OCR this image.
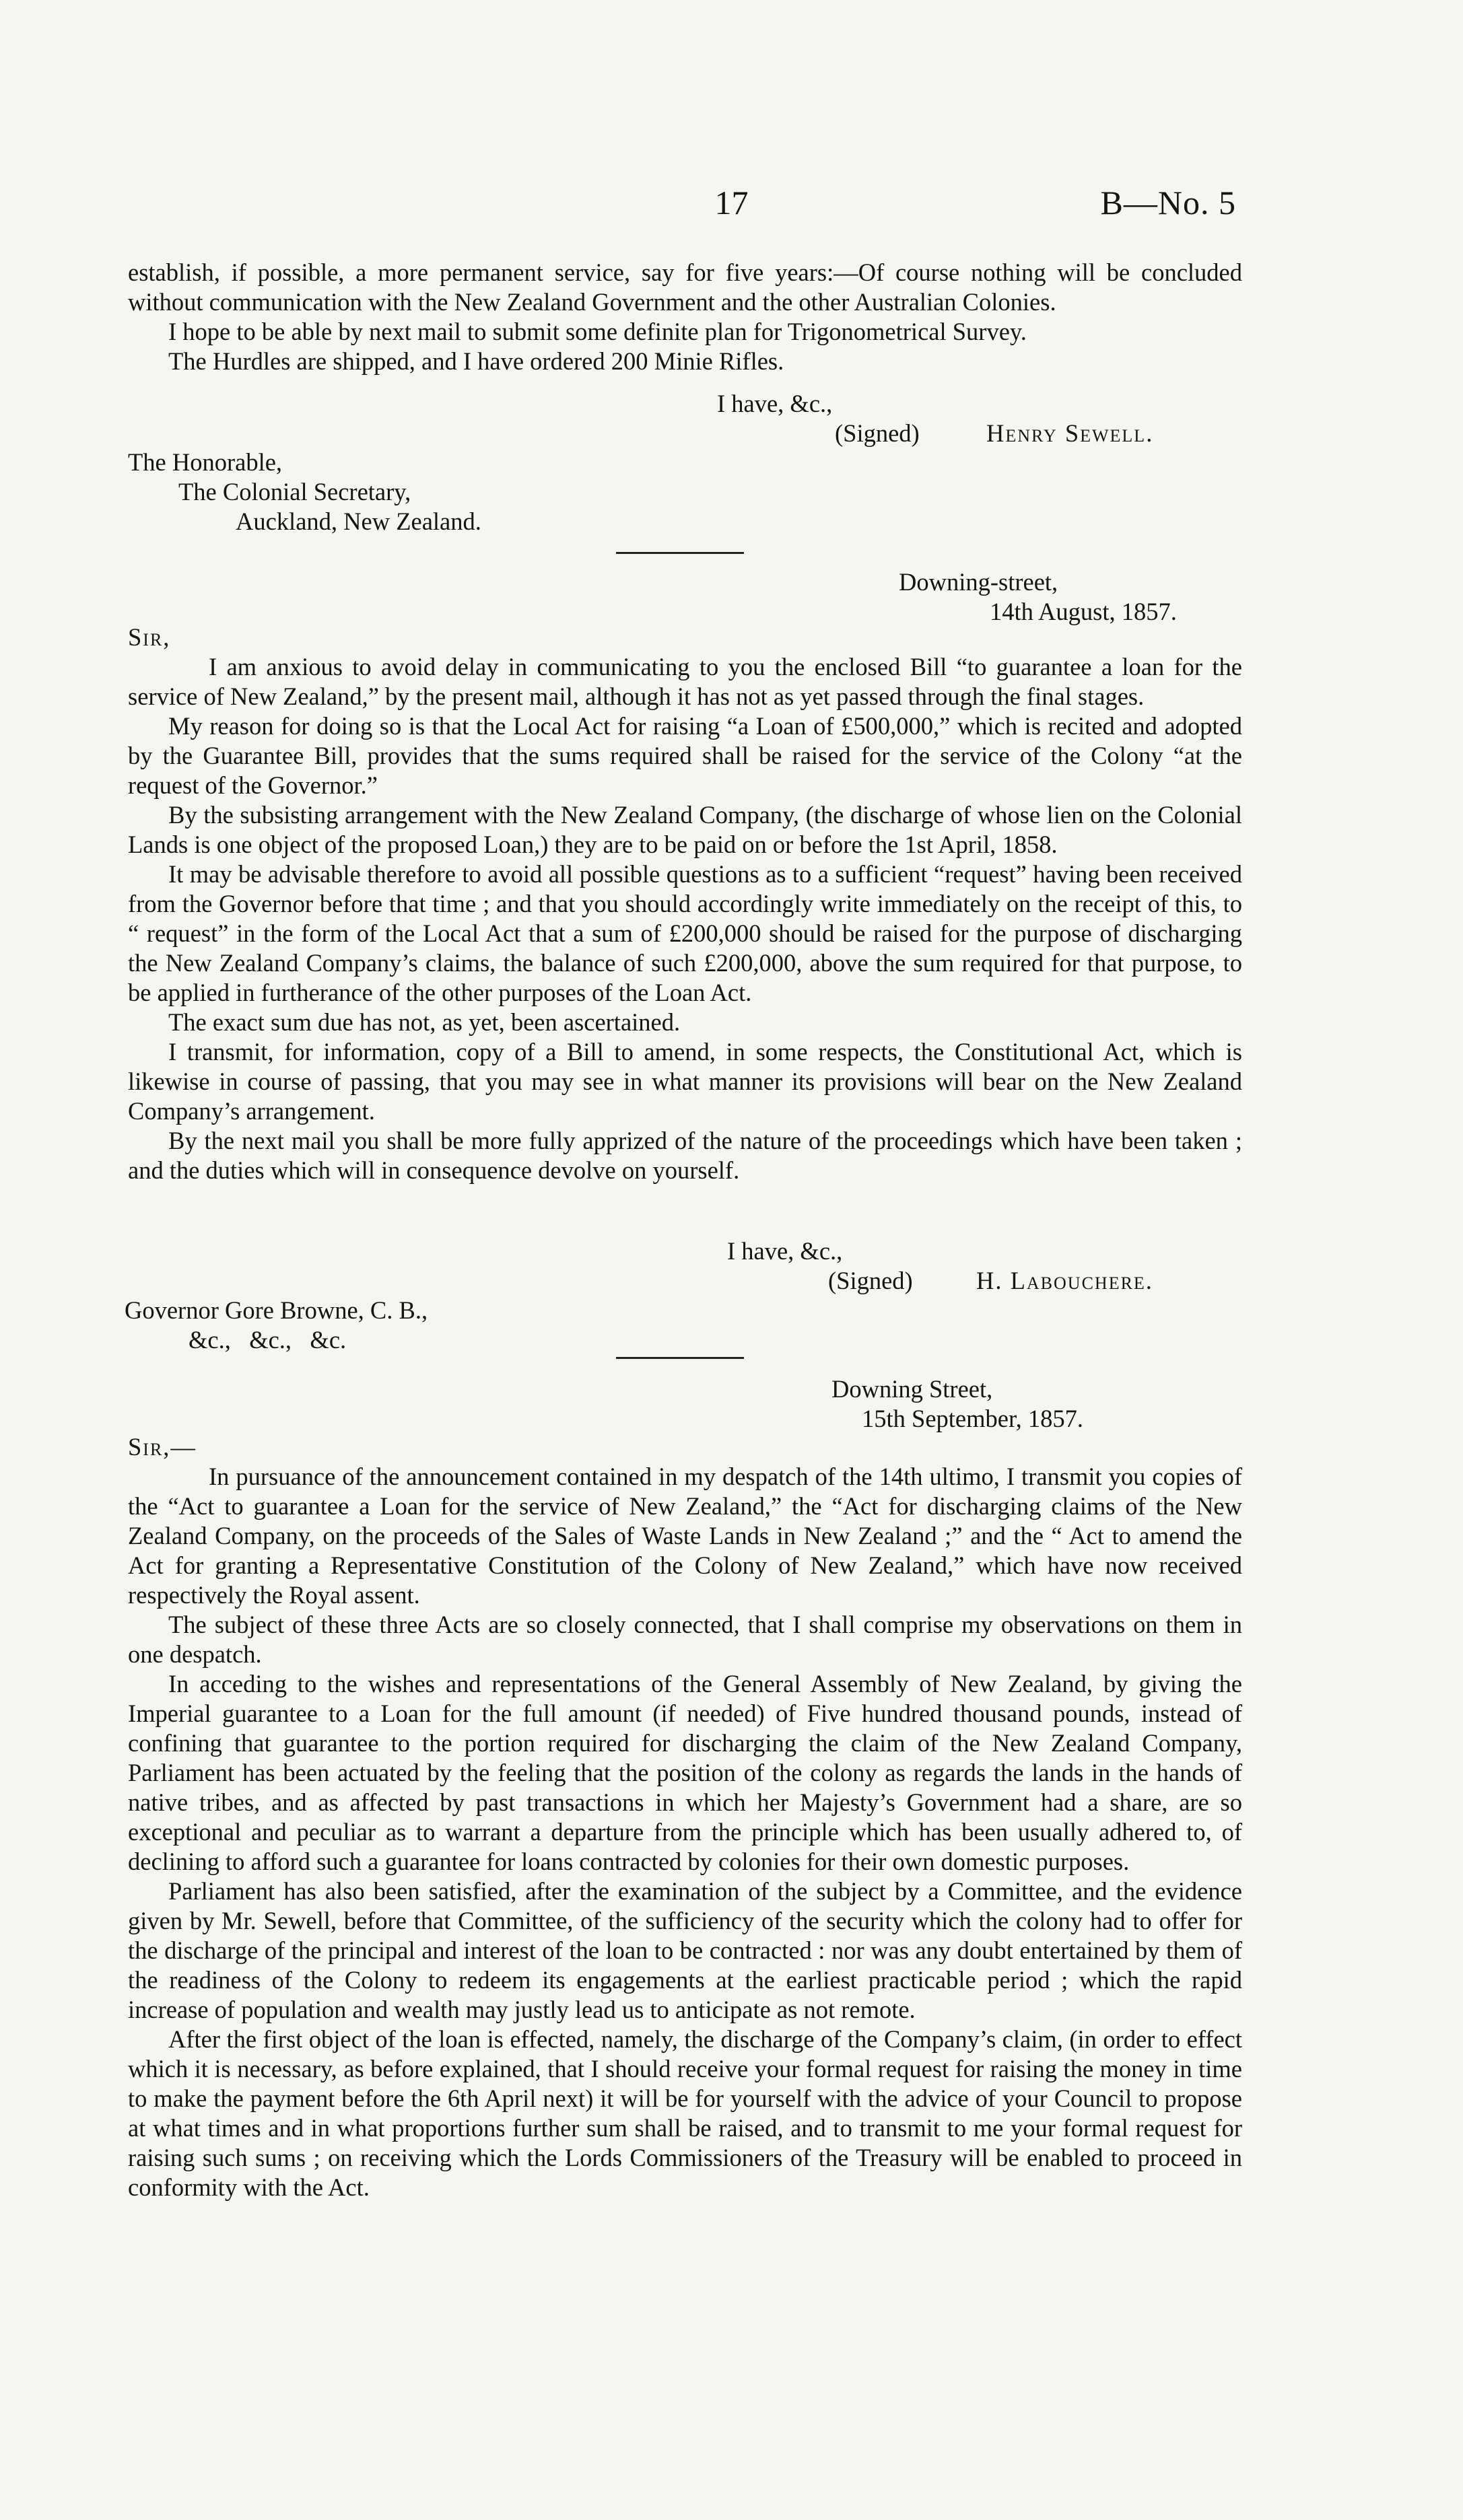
17	B—No. 5

establish, if possible, a more permanent service, say for five years:—Of course nothing will be concluded without communication with the New Zealand Government and the other Australian Colonies.

I hope to be able by next mail to submit some definite plan for Trigonometrical Survey.

The Hurdles are shipped, and I have ordered 200 Minie Rifles.

I have, &c.,
(Signed)	Henry Sewell.
The Honorable,
The Colonial Secretary,
Auckland, New Zealand.
Downing-street,
14th August, 1857.
Sir,

I am anxious to avoid delay in communicating to you the enclosed Bill “to guarantee a loan for the service of New Zealand,” by the present mail, although it has not as yet passed through the final stages.

My reason for doing so is that the Local Act for raising “a Loan of £500,000,” which is recited and adopted by the Guarantee Bill, provides that the sums required shall be raised for the service of the Colony “at the request of the Governor.”

By the subsisting arrangement with the New Zealand Company, (the discharge of whose lien on the Colonial Lands is one object of the proposed Loan,) they are to be paid on or before the 1st April, 1858.

It may be advisable therefore to avoid all possible questions as to a sufficient “request” having been received from the Governor before that time ; and that you should accordingly write immediately on the receipt of this, to “ request” in the form of the Local Act that a sum of £200,000 should be raised for the purpose of discharging the New Zealand Company’s claims, the balance of such £200,000, above the sum required for that purpose, to be applied in furtherance of the other purposes of the Loan Act.

The exact sum due has not, as yet, been ascertained.

I transmit, for information, copy of a Bill to amend, in some respects, the Constitutional Act, which is likewise in course of passing, that you may see in what manner its provisions will bear on the New Zealand Company’s arrangement.

By the next mail you shall be more fully apprized of the nature of the proceedings which have been taken ; and the duties which will in consequence devolve on yourself.

I have, &c.,
(Signed)	H. Labouchere.
Governor Gore Browne, C. B.,
&c.,   &c.,   &c.
Downing Street,
15th September, 1857.
Sir,—

In pursuance of the announcement contained in my despatch of the 14th ultimo, I transmit you copies of the “Act to guarantee a Loan for the service of New Zealand,” the “Act for discharging claims of the New Zealand Company, on the proceeds of the Sales of Waste Lands in New Zealand ;” and the “ Act to amend the Act for granting a Representative Constitution of the Colony of New Zealand,” which have now received respectively the Royal assent.

The subject of these three Acts are so closely connected, that I shall comprise my observations on them in one despatch.

In acceding to the wishes and representations of the General Assembly of New Zealand, by giving the Imperial guarantee to a Loan for the full amount (if needed) of Five hundred thousand pounds, instead of confining that guarantee to the portion required for discharging the claim of the New Zealand Company, Parliament has been actuated by the feeling that the position of the colony as regards the lands in the hands of native tribes, and as affected by past transactions in which her Majesty’s Government had a share, are so exceptional and peculiar as to warrant a departure from the principle which has been usually adhered to, of declining to afford such a guarantee for loans contracted by colonies for their own domestic purposes.

Parliament has also been satisfied, after the examination of the subject by a Committee, and the evidence given by Mr. Sewell, before that Committee, of the sufficiency of the security which the colony had to offer for the discharge of the principal and interest of the loan to be contracted : nor was any doubt entertained by them of the readiness of the Colony to redeem its engagements at the earliest practicable period ; which the rapid increase of population and wealth may justly lead us to anticipate as not remote.

After the first object of the loan is effected, namely, the discharge of the Company’s claim, (in order to effect which it is necessary, as before explained, that I should receive your formal request for raising the money in time to make the payment before the 6th April next) it will be for yourself with the advice of your Council to propose at what times and in what proportions further sum shall be raised, and to transmit to me your formal request for raising such sums ; on receiving which the Lords Commissioners of the Treasury will be enabled to proceed in conformity with the Act.
